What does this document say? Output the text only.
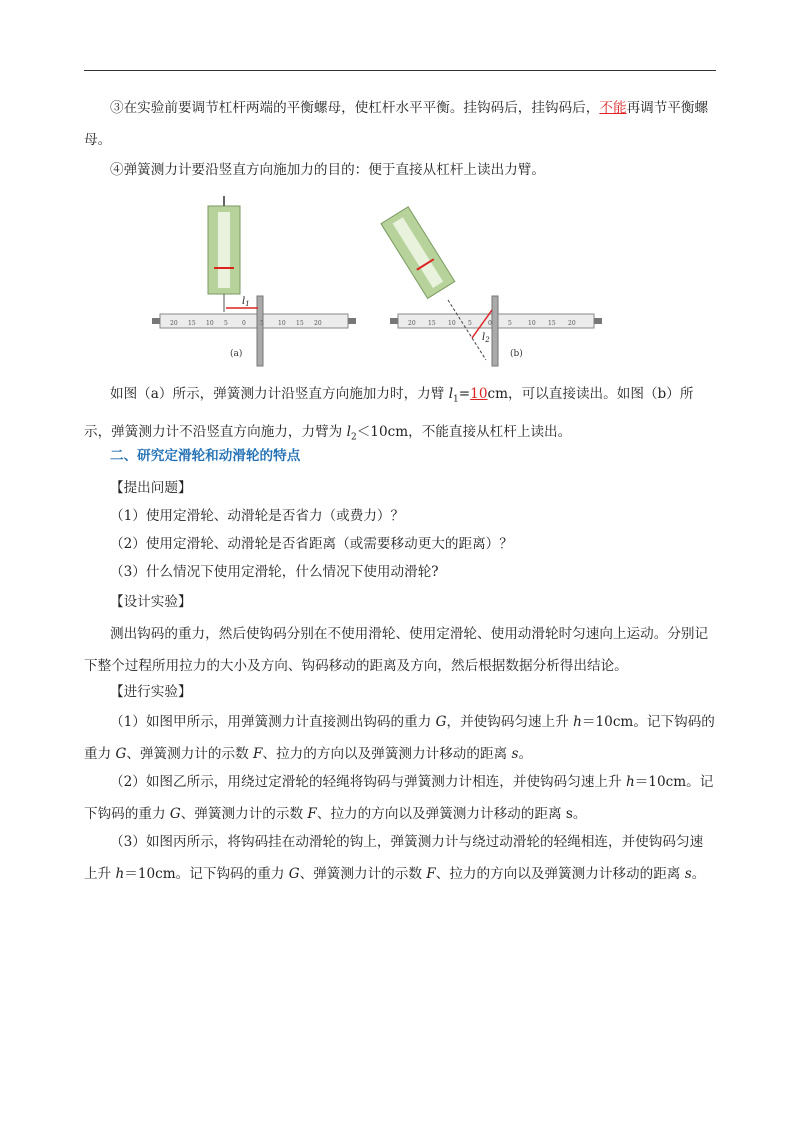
③在实验前要调节杠杆两端的平衡螺母，使杠杆水平平衡。挂钩码后，挂钩码后，不能再调节平衡螺母。

④弹簧测力计要沿竖直方向施加力的目的：便于直接从杠杆上读出力臂。

$l_1$
(a)
$l_2$
(b)
20 15 10 5 0 5 10 15 20	20 15 10 5	0	5	10 15 20

如图（a）所示，弹簧测力计沿竖直方向施加力时，力臂 $l_1=10cm$，可以直接读出。如图（b）所示，弹簧测力计不沿竖直方向施力，力臂为 $l_2<10cm$，不能直接从杠杆上读出。

二、研究定滑轮和动滑轮的特点

【提出问题】

（1）使用定滑轮、动滑轮是否省力（或费力）？

（2）使用定滑轮、动滑轮是否省距离（或需要移动更大的距离）？

（3）什么情况下使用定滑轮，什么情况下使用动滑轮?

【设计实验】

测出钩码的重力，然后使钩码分别在不使用滑轮、使用定滑轮、使用动滑轮时匀速向上运动。分别记下整个过程所用拉力的大小及方向、钩码移动的距离及方向，然后根据数据分析得出结论。

【进行实验】

（1）如图甲所示，用弹簧测力计直接测出钩码的重力 G，并使钩码匀速上升 h＝10cm。记下钩码的重力 G、弹簧测力计的示数 F、拉力的方向以及弹簧测力计移动的距离 s。

（2）如图乙所示，用绕过定滑轮的轻绳将钩码与弹簧测力计相连，并使钩码匀速上升 h＝10cm。记下钩码的重力 G、弹簧测力计的示数 F、拉力的方向以及弹簧测力计移动的距离 s。

（3）如图丙所示，将钩码挂在动滑轮的钩上，弹簧测力计与绕过动滑轮的轻绳相连，并使钩码匀速上升 h＝10cm。记下钩码的重力 G、弹簧测力计的示数 F、拉力的方向以及弹簧测力计移动的距离 s。
